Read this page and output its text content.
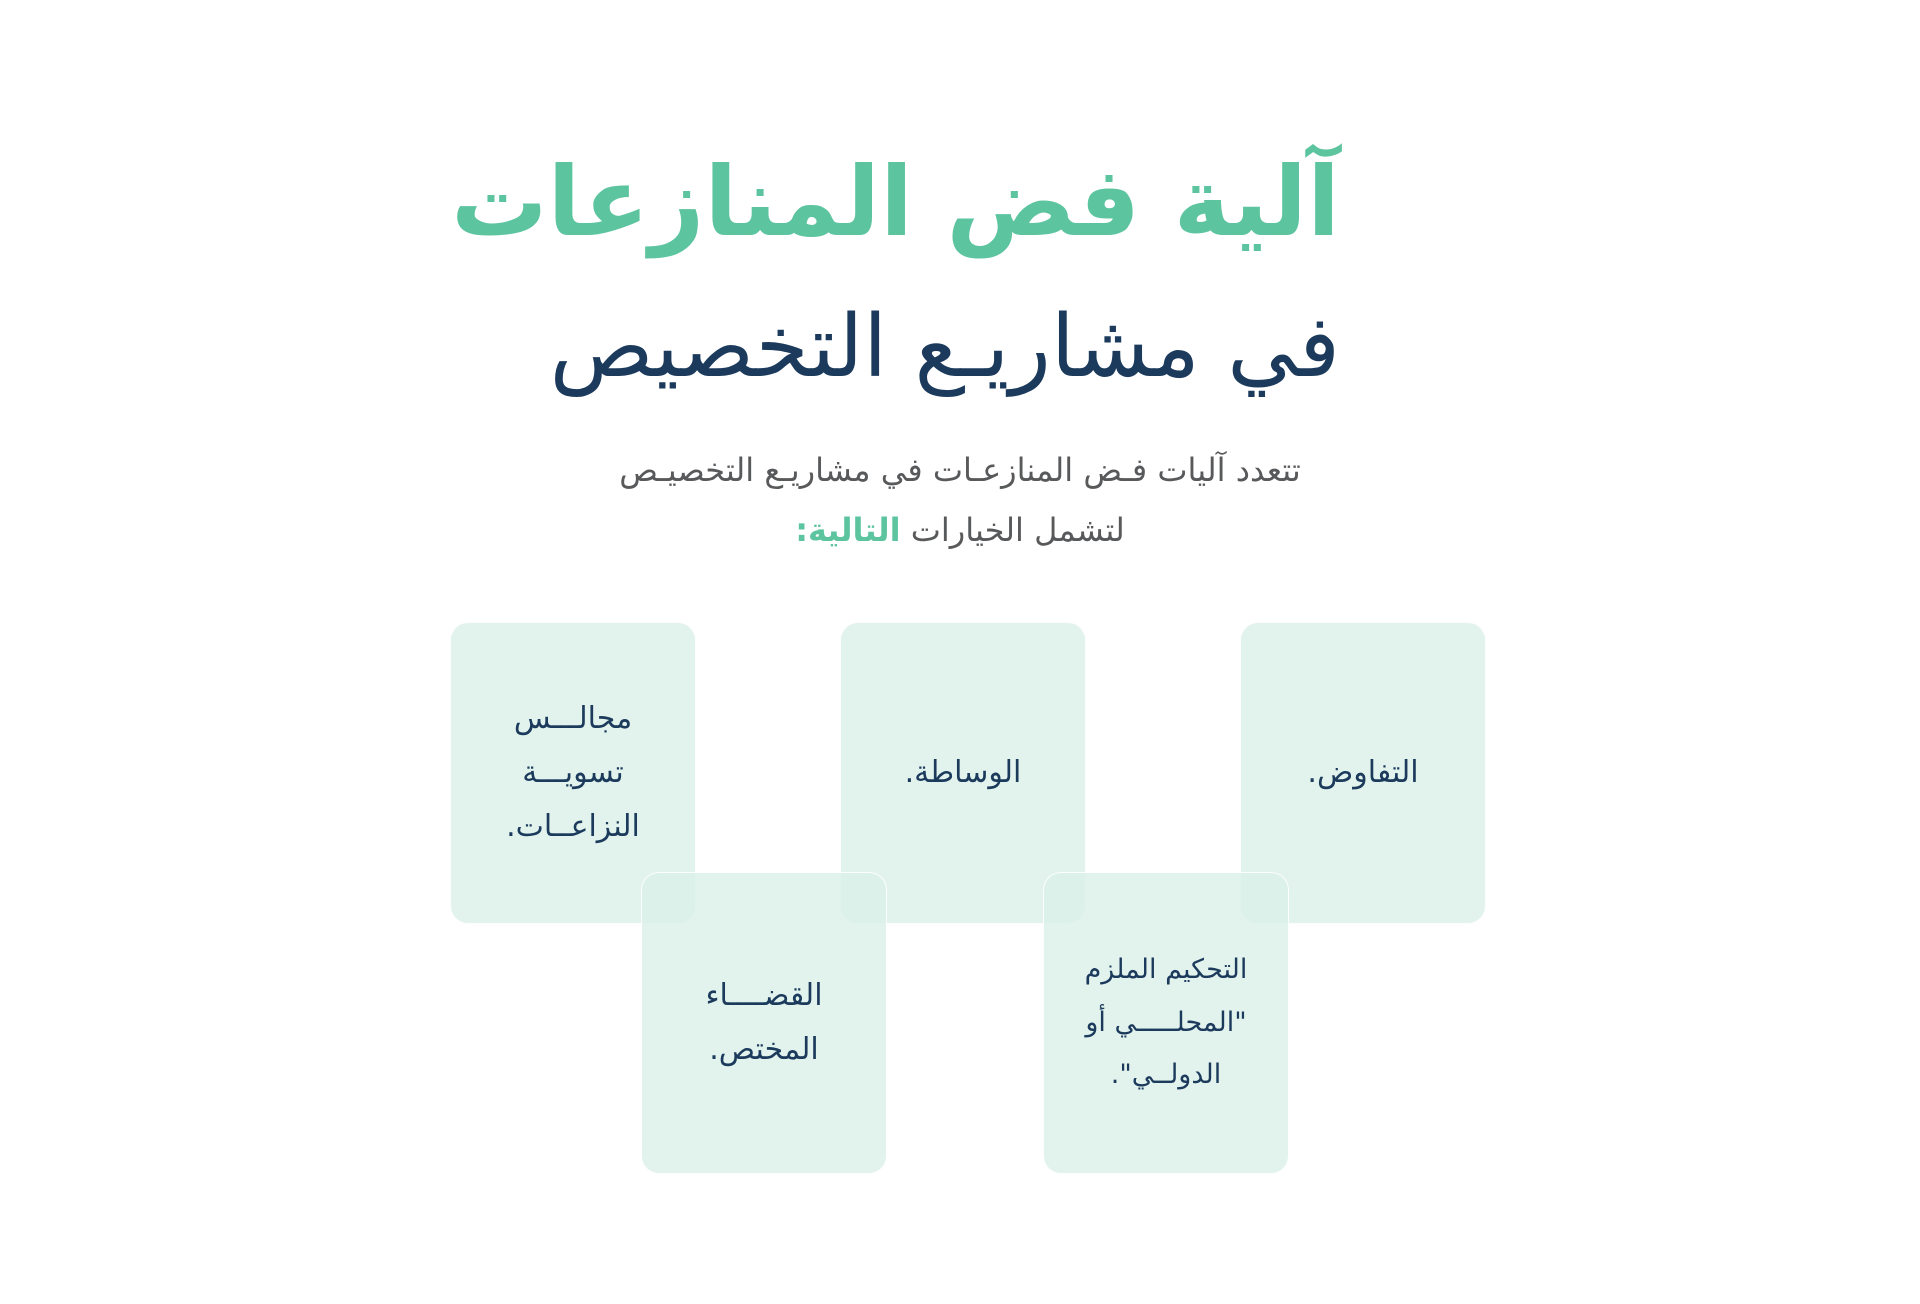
آلية فض المنازعات
في مشاريـع التخصيص

تتعدد آليات فـض المنازعـات في مشاريـع التخصيـص
لتشمل الخيارات التالية:

التفاوض.
الوساطة.
مجالـــس تسويـــة النزاعــات.
التحكيم الملزم "المحلـــــي أو الدولــي".
القضــــاء المختص.
